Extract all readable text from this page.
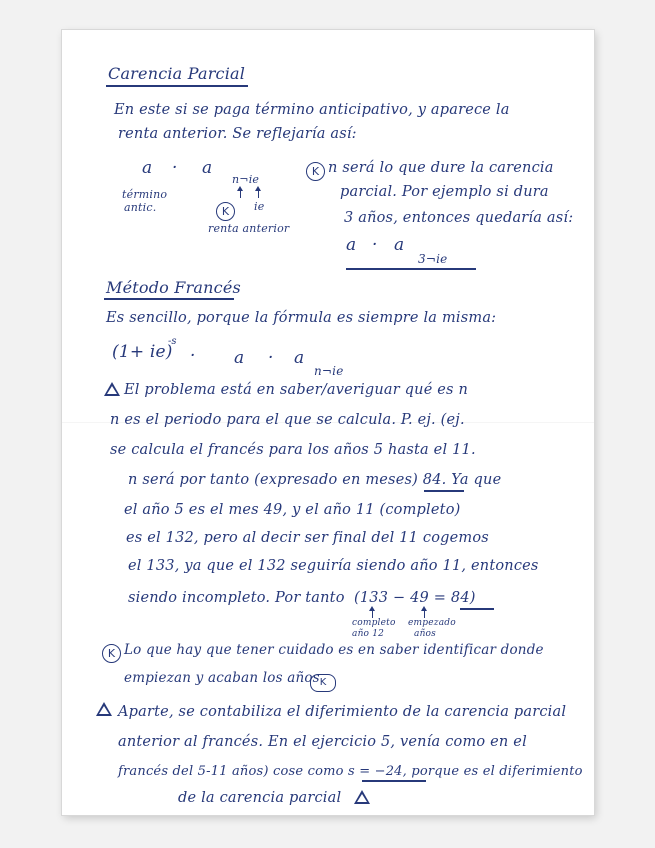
Carencia Parcial
En este si se paga término anticipativo, y aparece la
renta anterior. Se reflejaría así:
a · a
n¬ie
término
antic.	ie
K
renta anterior
K n será lo que dure la carencia
parcial. Por ejemplo si dura
3 años, entonces quedaría así:
a · a
3¬ie
Método Francés
Es sencillo, porque la fórmula es siempre la misma:
(1+ ie)
-s
· a · a
n¬ie
El problema está en saber/averiguar qué es n
n es el periodo para el que se calcula. P. ej. (ej.
se calcula el francés para los años 5 hasta el 11.
n será por tanto (expresado en meses) 84. Ya que
el año 5 es el mes 49, y el año 11 (completo)
es el 132, pero al decir ser final del 11 cogemos
el 133, ya que el 132 seguiría siendo año 11, entonces
siendo incompleto. Por tanto (133 − 49 = 84)
completo
año 12
empezado
años
K Lo que hay que tener cuidado es en saber identificar donde
empiezan y acaban los años K
Aparte, se contabiliza el diferimiento de la carencia parcial
anterior al francés. En el ejercicio 5, venía como en el
francés del 5-11 años) cose como s = −24, porque es el diferimiento
de la carencia parcial
